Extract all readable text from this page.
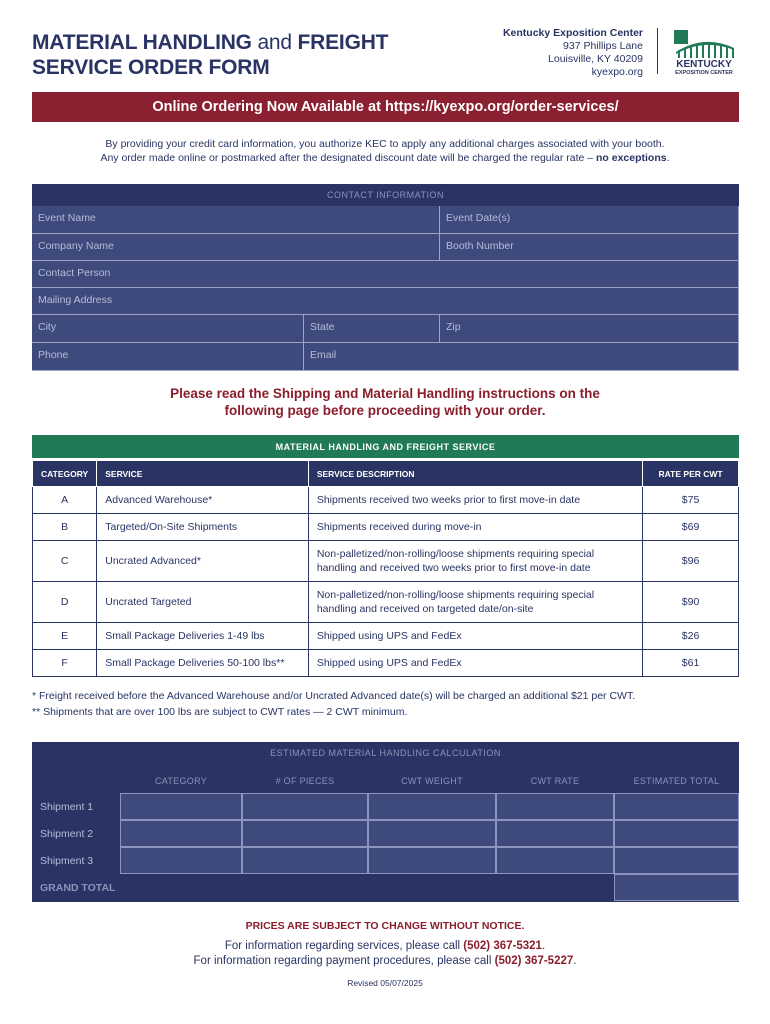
MATERIAL HANDLING and FREIGHT
SERVICE ORDER FORM
Kentucky Exposition Center
937 Phillips Lane
Louisville, KY 40209
kyexpo.org
KENTUCKY
EXPOSITION CENTER
Online Ordering Now Available at https://kyexpo.org/order-services/
By providing your credit card information, you authorize KEC to apply any additional charges associated with your booth.
Any order made online or postmarked after the designated discount date will be charged the regular rate – no exceptions.
CONTACT INFORMATION
Event Name	Event Date(s)
Company Name	Booth Number
Contact Person
Mailing Address
City	State	Zip
Phone	Email
Please read the Shipping and Material Handling instructions on the
following page before proceeding with your order.
MATERIAL HANDLING AND FREIGHT SERVICE
CATEGORY	SERVICE	SERVICE DESCRIPTION	RATE PER CWT
A	Advanced Warehouse*	Shipments received two weeks prior to first move-in date	$75
B	Targeted/On-Site Shipments	Shipments received during move-in	$69
C	Uncrated Advanced*	Non-palletized/non-rolling/loose shipments requiring special handling and received two weeks prior to first move-in date	$96
D	Uncrated Targeted	Non-palletized/non-rolling/loose shipments requiring special handling and received on targeted date/on-site	$90
E	Small Package Deliveries 1-49 lbs	Shipped using UPS and FedEx	$26
F	Small Package Deliveries 50-100 lbs**	Shipped using UPS and FedEx	$61
* Freight received before the Advanced Warehouse and/or Uncrated Advanced date(s) will be charged an additional $21 per CWT.
** Shipments that are over 100 lbs are subject to CWT rates — 2 CWT minimum.
ESTIMATED MATERIAL HANDLING CALCULATION
CATEGORY	# OF PIECES	CWT WEIGHT	CWT RATE	ESTIMATED TOTAL
Shipment 1
Shipment 2
Shipment 3
GRAND TOTAL
PRICES ARE SUBJECT TO CHANGE WITHOUT NOTICE.
For information regarding services, please call (502) 367-5321.
For information regarding payment procedures, please call (502) 367-5227.
Revised 05/07/2025
